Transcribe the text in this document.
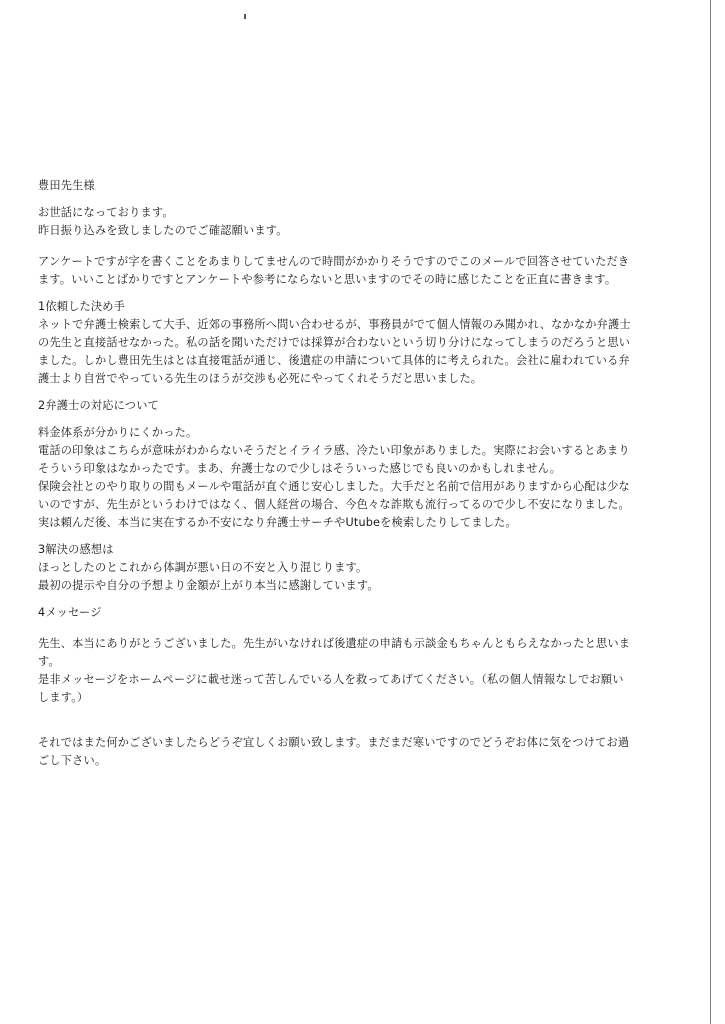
豊田先生様
お世話になっております。
昨日振り込みを致しましたのでご確認願います。
アンケートですが字を書くことをあまりしてませんので時間がかかりそうですのでこのメールで回答させていただき
ます。いいことばかりですとアンケートや参考にならないと思いますのでその時に感じたことを正直に書きます。
1依頼した決め手
ネットで弁護士検索して大手、近郊の事務所へ問い合わせるが、事務員がでて個人情報のみ聞かれ、なかなか弁護士
の先生と直接話せなかった。私の話を聞いただけでは採算が合わないという切り分けになってしまうのだろうと思い
ました。しかし豊田先生はとは直接電話が通じ、後遺症の申請について具体的に考えられた。会社に雇われている弁
護士より自営でやっている先生のほうが交渉も必死にやってくれそうだと思いました。
2弁護士の対応について
料金体系が分かりにくかった。
電話の印象はこちらが意味がわからないそうだとイライラ感、冷たい印象がありました。実際にお会いするとあまり
そういう印象はなかったです。まあ、弁護士なので少しはそういった感じでも良いのかもしれません。
保険会社とのやり取りの間もメールや電話が直ぐ通じ安心しました。大手だと名前で信用がありますから心配は少な
いのですが、先生がというわけではなく、個人経営の場合、今色々な詐欺も流行ってるので少し不安になりました。
実は頼んだ後、本当に実在するか不安になり弁護士サーチやUtubeを検索したりしてました。
3解決の感想は
ほっとしたのとこれから体調が悪い日の不安と入り混じります。
最初の提示や自分の予想より金額が上がり本当に感謝しています。
4メッセージ
先生、本当にありがとうございました。先生がいなければ後遺症の申請も示談金もちゃんともらえなかったと思いま
す。
是非メッセージをホームページに載せ迷って苦しんでいる人を救ってあげてください。（私の個人情報なしでお願い
します。）
それではまた何かございましたらどうぞ宜しくお願い致します。まだまだ寒いですのでどうぞお体に気をつけてお過
ごし下さい。
